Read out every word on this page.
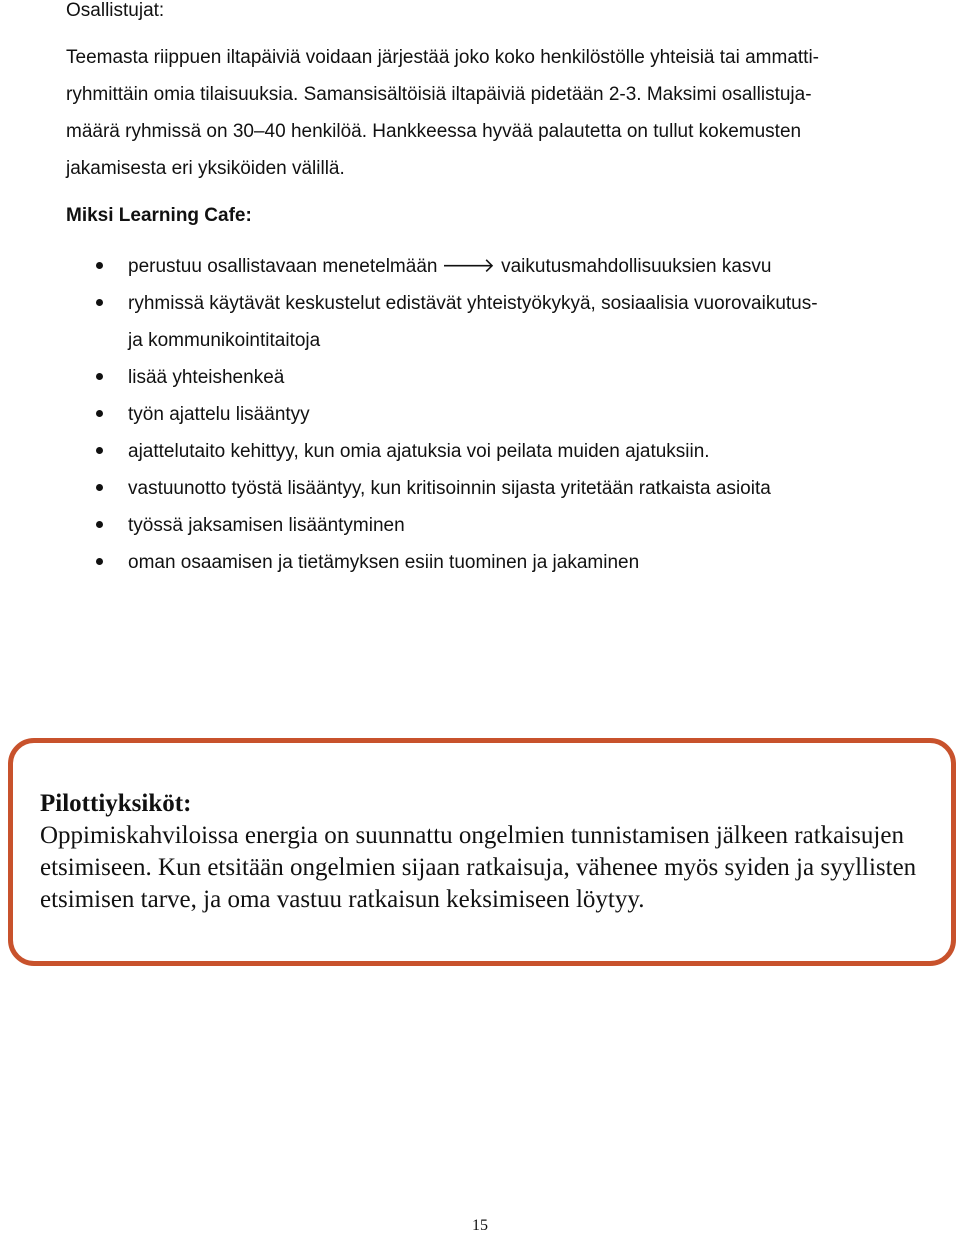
Osallistujat:

Teemasta riippuen iltapäiviä voidaan järjestää joko koko henkilöstölle yhteisiä tai ammatti-
ryhmittäin omia tilaisuuksia. Samansisältöisiä iltapäiviä pidetään 2-3. Maksimi osallistuja-
määrä ryhmissä on 30–40 henkilöä. Hankkeessa hyvää palautetta on tullut kokemusten
jakamisesta eri yksiköiden välillä.

Miksi Learning Cafe:
perustuu osallistavaan menetelmään 🡒 vaikutusmahdollisuuksien kasvu
ryhmissä käytävät keskustelut edistävät yhteistyökykyä, sosiaalisia vuorovaikutus-
ja kommunikointitaitoja
lisää yhteishenkeä
työn ajattelu lisääntyy
ajattelutaito kehittyy, kun omia ajatuksia voi peilata muiden ajatuksiin.
vastuunotto työstä lisääntyy, kun kritisoinnin sijasta yritetään ratkaista asioita
työssä jaksamisen lisääntyminen
oman osaamisen ja tietämyksen esiin tuominen ja jakaminen
Pilottiyksiköt:
Oppimiskahviloissa energia on suunnattu ongelmien tunnistamisen jälkeen ratkaisujen
etsimiseen. Kun etsitään ongelmien sijaan ratkaisuja, vähenee myös syiden ja syyllisten
etsimisen tarve, ja oma vastuu ratkaisun keksimiseen löytyy.
15
